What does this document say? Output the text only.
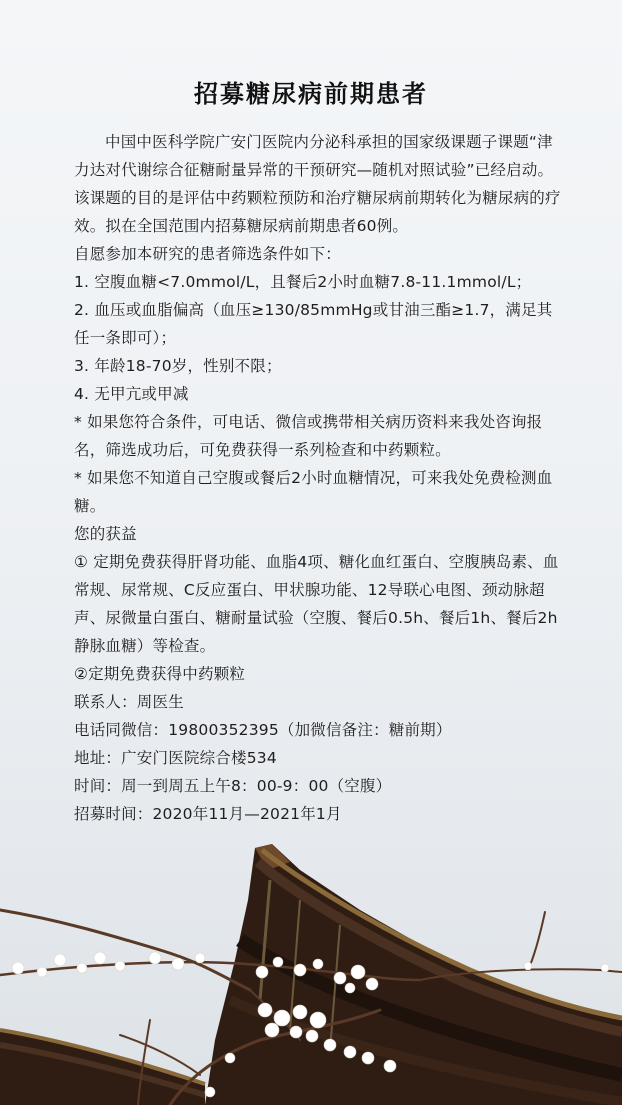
招募糖尿病前期患者

中国中医科学院广安门医院内分泌科承担的国家级课题子课题“津力达对代谢综合征糖耐量异常的干预研究—随机对照试验”已经启动。该课题的目的是评估中药颗粒预防和治疗糖尿病前期转化为糖尿病的疗效。拟在全国范围内招募糖尿病前期患者60例。

自愿参加本研究的患者筛选条件如下：

1. 空腹血糖<7.0mmol/L，且餐后2小时血糖7.8-11.1mmol/L；

2. 血压或血脂偏高（血压≥130/85mmHg或甘油三酯≥1.7，满足其任一条即可）；

3. 年龄18-70岁，性别不限；

4. 无甲亢或甲减

* 如果您符合条件，可电话、微信或携带相关病历资料来我处咨询报名，筛选成功后，可免费获得一系列检查和中药颗粒。

* 如果您不知道自己空腹或餐后2小时血糖情况，可来我处免费检测血糖。

您的获益

① 定期免费获得肝肾功能、血脂4项、糖化血红蛋白、空腹胰岛素、血常规、尿常规、C反应蛋白、甲状腺功能、12导联心电图、颈动脉超声、尿微量白蛋白、糖耐量试验（空腹、餐后0.5h、餐后1h、餐后2h静脉血糖）等检查。

②定期免费获得中药颗粒

联系人：周医生

电话同微信：19800352395（加微信备注：糖前期）

地址：广安门医院综合楼534

时间：周一到周五上午8：00-9：00（空腹）

招募时间：2020年11月—2021年1月
